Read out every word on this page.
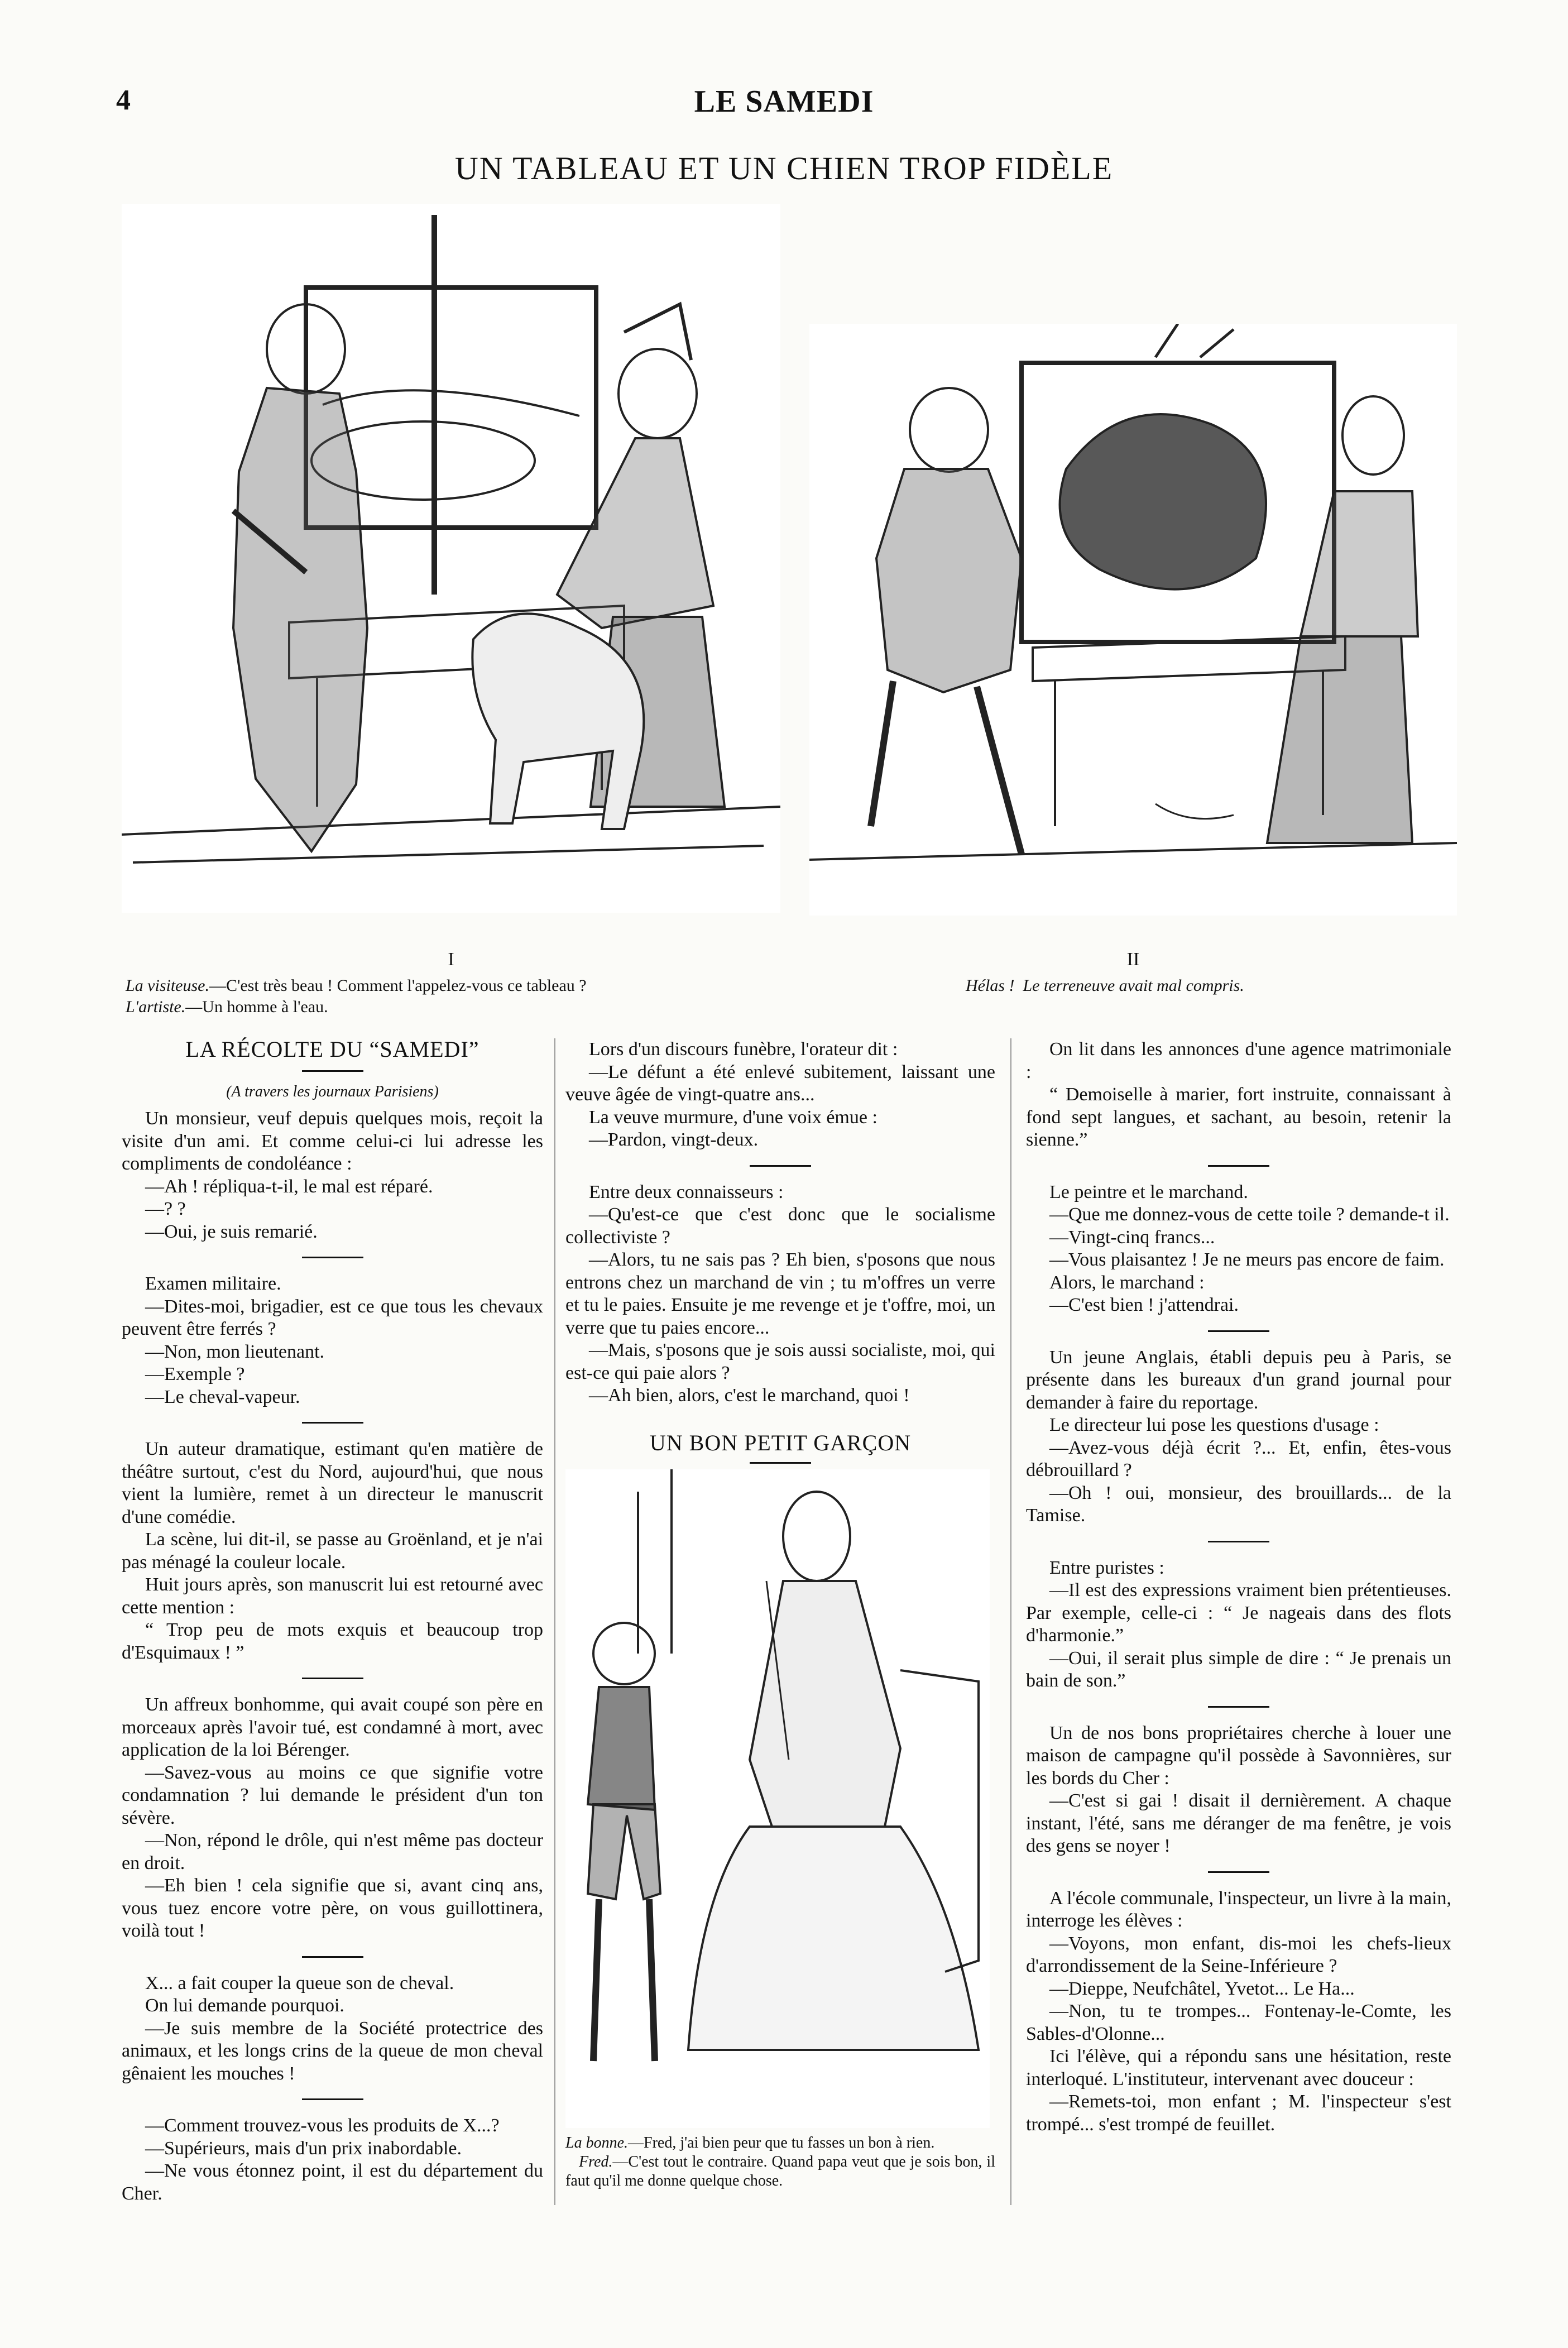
4	LE SAMEDI
UN TABLEAU ET UN CHIEN TROP FIDÈLE
I
La visiteuse.—C'est très beau ! Comment l'appelez-vous ce tableau ?
L'artiste.—Un homme à l'eau.
II
Hélas ! Le terreneuve avait mal compris.
LA RÉCOLTE DU “SAMEDI”
(A travers les journaux Parisiens)

Un monsieur, veuf depuis quelques mois, reçoit la visite d'un ami. Et comme celui-ci lui adresse les compliments de condoléance :

—Ah ! répliqua-t-il, le mal est réparé.

—? ?

—Oui, je suis remarié.

Examen militaire.

—Dites-moi, brigadier, est ce que tous les chevaux peuvent être ferrés ?

—Non, mon lieutenant.

—Exemple ?

—Le cheval-vapeur.

Un auteur dramatique, estimant qu'en matière de théâtre surtout, c'est du Nord, aujourd'hui, que nous vient la lumière, remet à un directeur le manuscrit d'une comédie.

La scène, lui dit-il, se passe au Groënland, et je n'ai pas ménagé la couleur locale.

Huit jours après, son manuscrit lui est retourné avec cette mention :

“ Trop peu de mots exquis et beaucoup trop d'Esquimaux ! ”

Un affreux bonhomme, qui avait coupé son père en morceaux après l'avoir tué, est condamné à mort, avec application de la loi Bérenger.

—Savez-vous au moins ce que signifie votre condamnation ? lui demande le président d'un ton sévère.

—Non, répond le drôle, qui n'est même pas docteur en droit.

—Eh bien ! cela signifie que si, avant cinq ans, vous tuez encore votre père, on vous guillottinera, voilà tout !

X... a fait couper la queue son de cheval.

On lui demande pourquoi.

—Je suis membre de la Société protectrice des animaux, et les longs crins de la queue de mon cheval gênaient les mouches !

—Comment trouvez-vous les produits de X...?

—Supérieurs, mais d'un prix inabordable.

—Ne vous étonnez point, il est du département du Cher.

Lors d'un discours funèbre, l'orateur dit :

—Le défunt a été enlevé subitement, laissant une veuve âgée de vingt-quatre ans...

La veuve murmure, d'une voix émue :

—Pardon, vingt-deux.

Entre deux connaisseurs :

—Qu'est-ce que c'est donc que le socialisme collectiviste ?

—Alors, tu ne sais pas ? Eh bien, s'posons que nous entrons chez un marchand de vin ; tu m'offres un verre et tu le paies. Ensuite je me revenge et je t'offre, moi, un verre que tu paies encore...

—Mais, s'posons que je sois aussi socialiste, moi, qui est-ce qui paie alors ?

—Ah bien, alors, c'est le marchand, quoi !

UN BON PETIT GARÇON
La bonne.—Fred, j'ai bien peur que tu fasses un bon à rien.
Fred.—C'est tout le contraire. Quand papa veut que je sois bon, il faut qu'il me donne quelque chose.

On lit dans les annonces d'une agence matrimoniale :

“ Demoiselle à marier, fort instruite, connaissant à fond sept langues, et sachant, au besoin, retenir la sienne.”

Le peintre et le marchand.

—Que me donnez-vous de cette toile ? demande-t il.

—Vingt-cinq francs...

—Vous plaisantez ! Je ne meurs pas encore de faim.

Alors, le marchand :

—C'est bien ! j'attendrai.

Un jeune Anglais, établi depuis peu à Paris, se présente dans les bureaux d'un grand journal pour demander à faire du reportage.

Le directeur lui pose les questions d'usage :

—Avez-vous déjà écrit ?... Et, enfin, êtes-vous débrouillard ?

—Oh ! oui, monsieur, des brouillards... de la Tamise.

Entre puristes :

—Il est des expressions vraiment bien prétentieuses. Par exemple, celle-ci : “ Je nageais dans des flots d'harmonie.”

—Oui, il serait plus simple de dire : “ Je prenais un bain de son.”

Un de nos bons propriétaires cherche à louer une maison de campagne qu'il possède à Savonnières, sur les bords du Cher :

—C'est si gai ! disait il dernièrement. A chaque instant, l'été, sans me déranger de ma fenêtre, je vois des gens se noyer !

A l'école communale, l'inspecteur, un livre à la main, interroge les élèves :

—Voyons, mon enfant, dis-moi les chefs-lieux d'arrondissement de la Seine-Inférieure ?

—Dieppe, Neufchâtel, Yvetot... Le Ha...

—Non, tu te trompes... Fontenay-le-Comte, les Sables-d'Olonne...

Ici l'élève, qui a répondu sans une hésitation, reste interloqué. L'instituteur, intervenant avec douceur :

—Remets-toi, mon enfant ; M. l'inspecteur s'est trompé... s'est trompé de feuillet.
